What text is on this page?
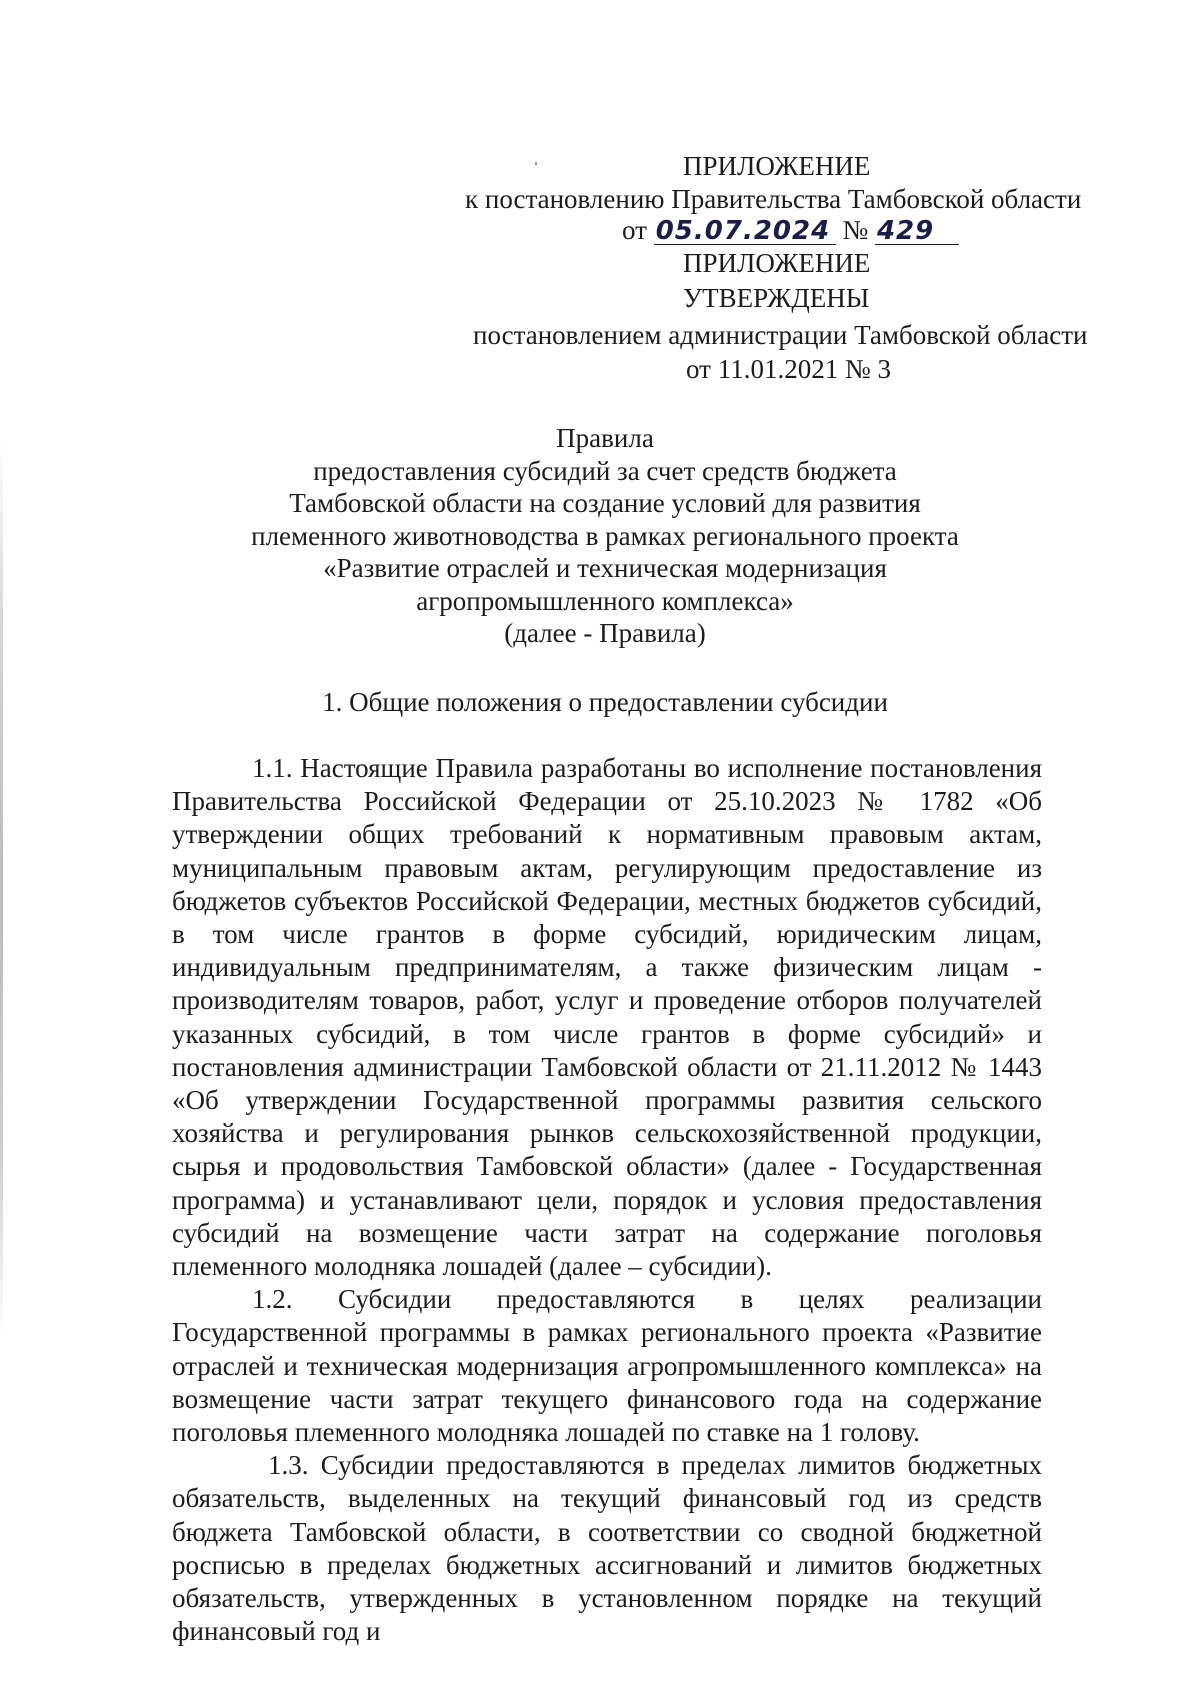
ПРИЛОЖЕНИЕ
к постановлению Правительства Тамбовской области
от 05.07.2024 № 429
ПРИЛОЖЕНИЕ
УТВЕРЖДЕНЫ
постановлением администрации Тамбовской области
от 11.01.2021 № 3
Правила
предоставления субсидий за счет средств бюджета
Тамбовской области на создание условий для развития
племенного животноводства в рамках регионального проекта
«Развитие отраслей и техническая модернизация
агропромышленного комплекса»
(далее - Правила)
1. Общие положения о предоставлении субсидии

1.1. Настоящие Правила разработаны во исполнение постановления Правительства Российской Федерации от 25.10.2023 № 1782 «Об утверждении общих требований к нормативным правовым актам, муниципальным правовым актам, регулирующим предоставление из бюджетов субъектов Российской Федерации, местных бюджетов субсидий, в том числе грантов в форме субсидий, юридическим лицам, индивидуальным предпринимателям, а также физическим лицам - производителям товаров, работ, услуг и проведение отборов получателей указанных субсидий, в том числе грантов в форме субсидий» и постановления администрации Тамбовской области от 21.11.2012 № 1443 «Об утверждении Государственной программы развития сельского хозяйства и регулирования рынков сельскохозяйственной продукции, сырья и продовольствия Тамбовской области» (далее - Государственная программа) и устанавливают цели, порядок и условия предоставления субсидий на возмещение части затрат на содержание поголовья племенного молодняка лошадей (далее – субсидии).

1.2. Субсидии предоставляются в целях реализации Государственной программы в рамках регионального проекта «Развитие отраслей и техническая модернизация агропромышленного комплекса» на возмещение части затрат текущего финансового года на содержание поголовья племенного молодняка лошадей по ставке на 1 голову.

1.3. Субсидии предоставляются в пределах лимитов бюджетных обязательств, выделенных на текущий финансовый год из средств бюджета Тамбовской области, в соответствии со сводной бюджетной росписью в пределах бюджетных ассигнований и лимитов бюджетных обязательств, утвержденных в установленном порядке на текущий финансовый год и
